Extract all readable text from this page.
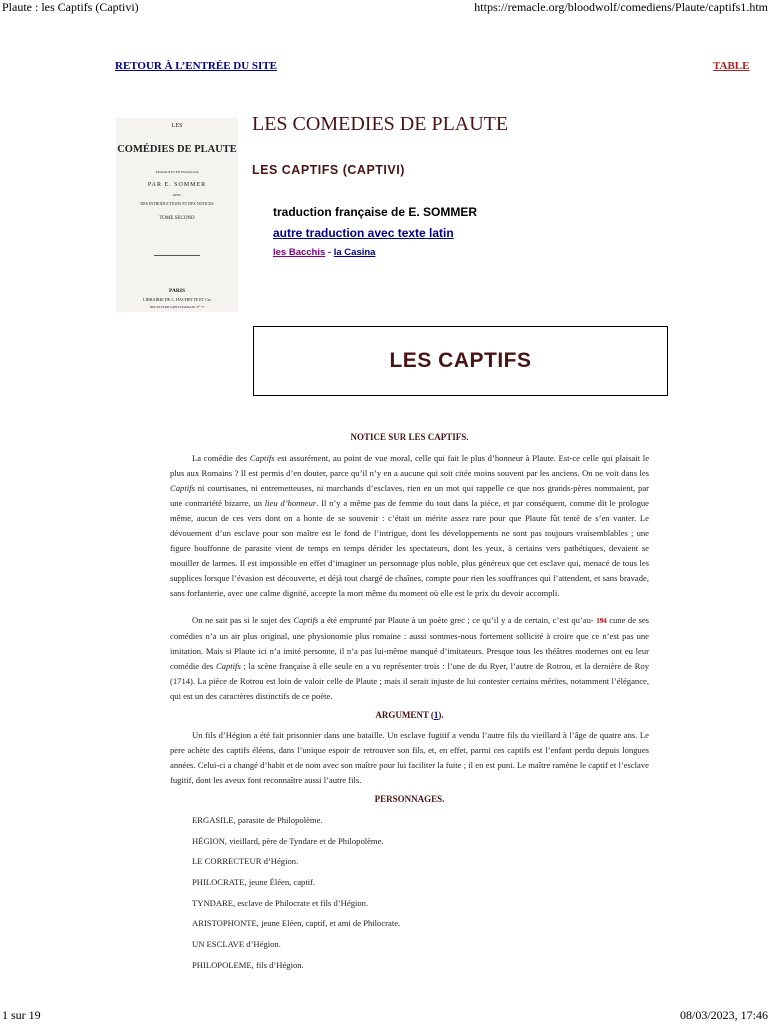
Plaute : les Captifs (Captivi)	https://remacle.org/bloodwolf/comediens/Plaute/captifs1.htm
1 sur 19	08/03/2023, 17:46
RETOUR À L’ENTRÉE DU SITE	TABLE
LES
COMÉDIES DE PLAUTE
TRADUITES EN FRANÇAIS
PAR E. SOMMER
AVEC
DES INTRODUCTIONS ET DES NOTICES
TOME SECOND
PARIS
LIBRAIRIE DE L. HACHETTE ET Cie
BOULEVARD SAINT-GERMAIN, N° 77
LES COMEDIES DE PLAUTE
LES CAPTIFS (CAPTIVI)
traduction française de E. SOMMER
autre traduction avec texte latin
les Bacchis - la Casina
LES CAPTIFS
NOTICE SUR LES CAPTIFS.

La comédie des Captifs est assurément, au point de vue moral, celle qui fait le plus d’honneur à Plaute. Est-ce celle qui plaisait le plus aux Romains ? Il est permis d’en douter, parce qu’il n’y en a aucune qui soit citée moins souvent par les anciens. On ne voit dans les Captifs ni courtisanes, ni entremetteuses, ni marchands d’esclaves, rien en un mot qui rappelle ce que nos grands-pères nommaient, par une contrariété bizarre, un lieu d’honneur. Il n’y a même pas de femme du tout dans la pièce, et par conséquent, comme dit le prologue même, aucun de ces vers dont on a honte de se souvenir : c’était un mérite assez rare pour que Plaute fût tenté de s’en vanter. Le dévouement d’un esclave pour son maître est le fond de l’intrigue, dont les développements ne sont pas toujours vraisemblables ; une figure bouffonne de parasite vient de temps en temps dérider les spectateurs, dont les yeux, à certains vers pathétiques, devaient se mouiller de larmes. Il est impossible en effet d’imaginer un personnage plus noble, plus généreux que cet esclave qui, menacé de tous les supplices lorsque l’évasion est découverte, et déjà tout chargé de chaînes, compte pour rien les souffrances qui l’attendent, et sans bravade, sans forfanterie, avec une calme dignité, accepte la mort même du moment où elle est le prix du devoir accompli.

On ne sait pas si le sujet des Captifs a été emprunté par Plaute à un poète grec ; ce qu’il y a de certain, c’est qu’au- 194 cune de ses comédies n’a un air plus original, une physionomie plus romaine : aussi sommes-nous fortement sollicité à croire que ce n’est pas une imitation. Mais si Plaute ici n’a imité personne, il n’a pas lui-même manqué d’imitateurs. Presque tous les théâtres modernes ont eu leur comédie des Captifs ; la scène française à elle seule en a vu représenter trois : l’une de du Ryer, l’autre de Rotrou, et la dernière de Roy (1714). La pièce de Rotrou est loin de valoir celle de Plaute ; mais il serait injuste de lui contester certains mérites, notamment l’élégance, qui est un des caractères distinctifs de ce poète.

ARGUMENT (1).

Un fils d’Hégion a été fait prisonnier dans une bataille. Un esclave fugitif a vendu l’autre fils du vieillard à l’âge de quatre ans. Le pere achète des captifs éléens, dans l’unique espoir de retrouver son fils, et, en effet, parmi ces captifs est l’enfant perdu depuis longues années. Celui-ci a changé d’habit et de nom avec son maître pour lui faciliter la fuite ; il en est puni. Le maître ramène le captif et l’esclave fugitif, dont les aveux font reconnaître aussi l’autre fils.

PERSONNAGES.
ERGASILE, parasite de Philopolème.
HÉGION, vieillard, père de Tyndare et de Philopolème.
LE CORRECTEUR d’Hégion.
PHILOCRATE, jeune Éléen, captif.
TYNDARE, esclave de Philocrate et fils d’Hégion.
ARISTOPHONTE, jeune Eléen, captif, et ami de Philocrate.
UN ESCLAVE d’Hégion.
PHILOPOLEME, fils d’Hégion.
